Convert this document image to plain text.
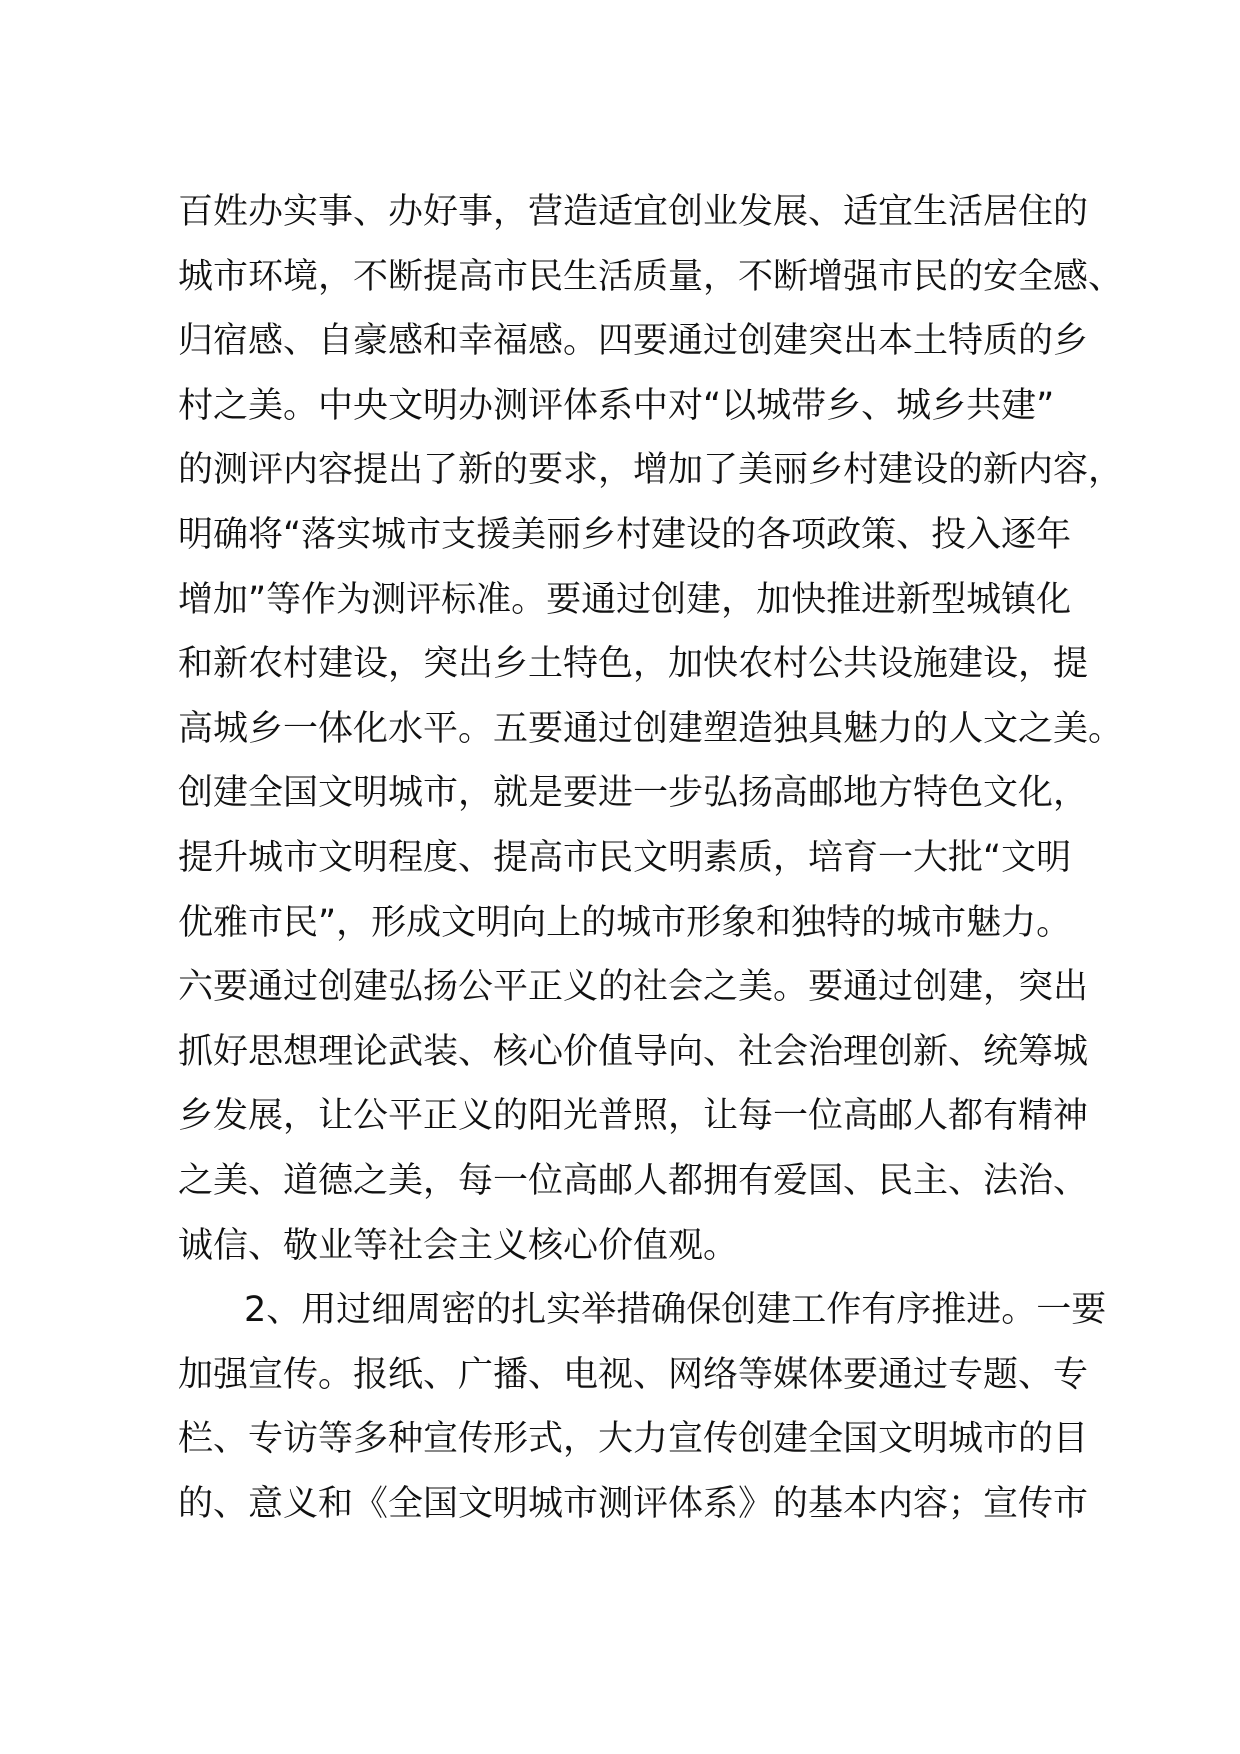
百姓办实事、办好事，营造适宜创业发展、适宜生活居住的
城市环境，不断提高市民生活质量，不断增强市民的安全感、
归宿感、自豪感和幸福感。四要通过创建突出本土特质的乡
村之美。中央文明办测评体系中对“以城带乡、城乡共建”
的测评内容提出了新的要求，增加了美丽乡村建设的新内容，
明确将“落实城市支援美丽乡村建设的各项政策、投入逐年
增加”等作为测评标准。要通过创建，加快推进新型城镇化
和新农村建设，突出乡土特色，加快农村公共设施建设，提
高城乡一体化水平。五要通过创建塑造独具魅力的人文之美。
创建全国文明城市，就是要进一步弘扬高邮地方特色文化，
提升城市文明程度、提高市民文明素质，培育一大批“文明
优雅市民”，形成文明向上的城市形象和独特的城市魅力。
六要通过创建弘扬公平正义的社会之美。要通过创建，突出
抓好思想理论武装、核心价值导向、社会治理创新、统筹城
乡发展，让公平正义的阳光普照，让每一位高邮人都有精神
之美、道德之美，每一位高邮人都拥有爱国、民主、法治、
诚信、敬业等社会主义核心价值观。
2、用过细周密的扎实举措确保创建工作有序推进。一要
加强宣传。报纸、广播、电视、网络等媒体要通过专题、专
栏、专访等多种宣传形式，大力宣传创建全国文明城市的目
的、意义和《全国文明城市测评体系》的基本内容；宣传市
